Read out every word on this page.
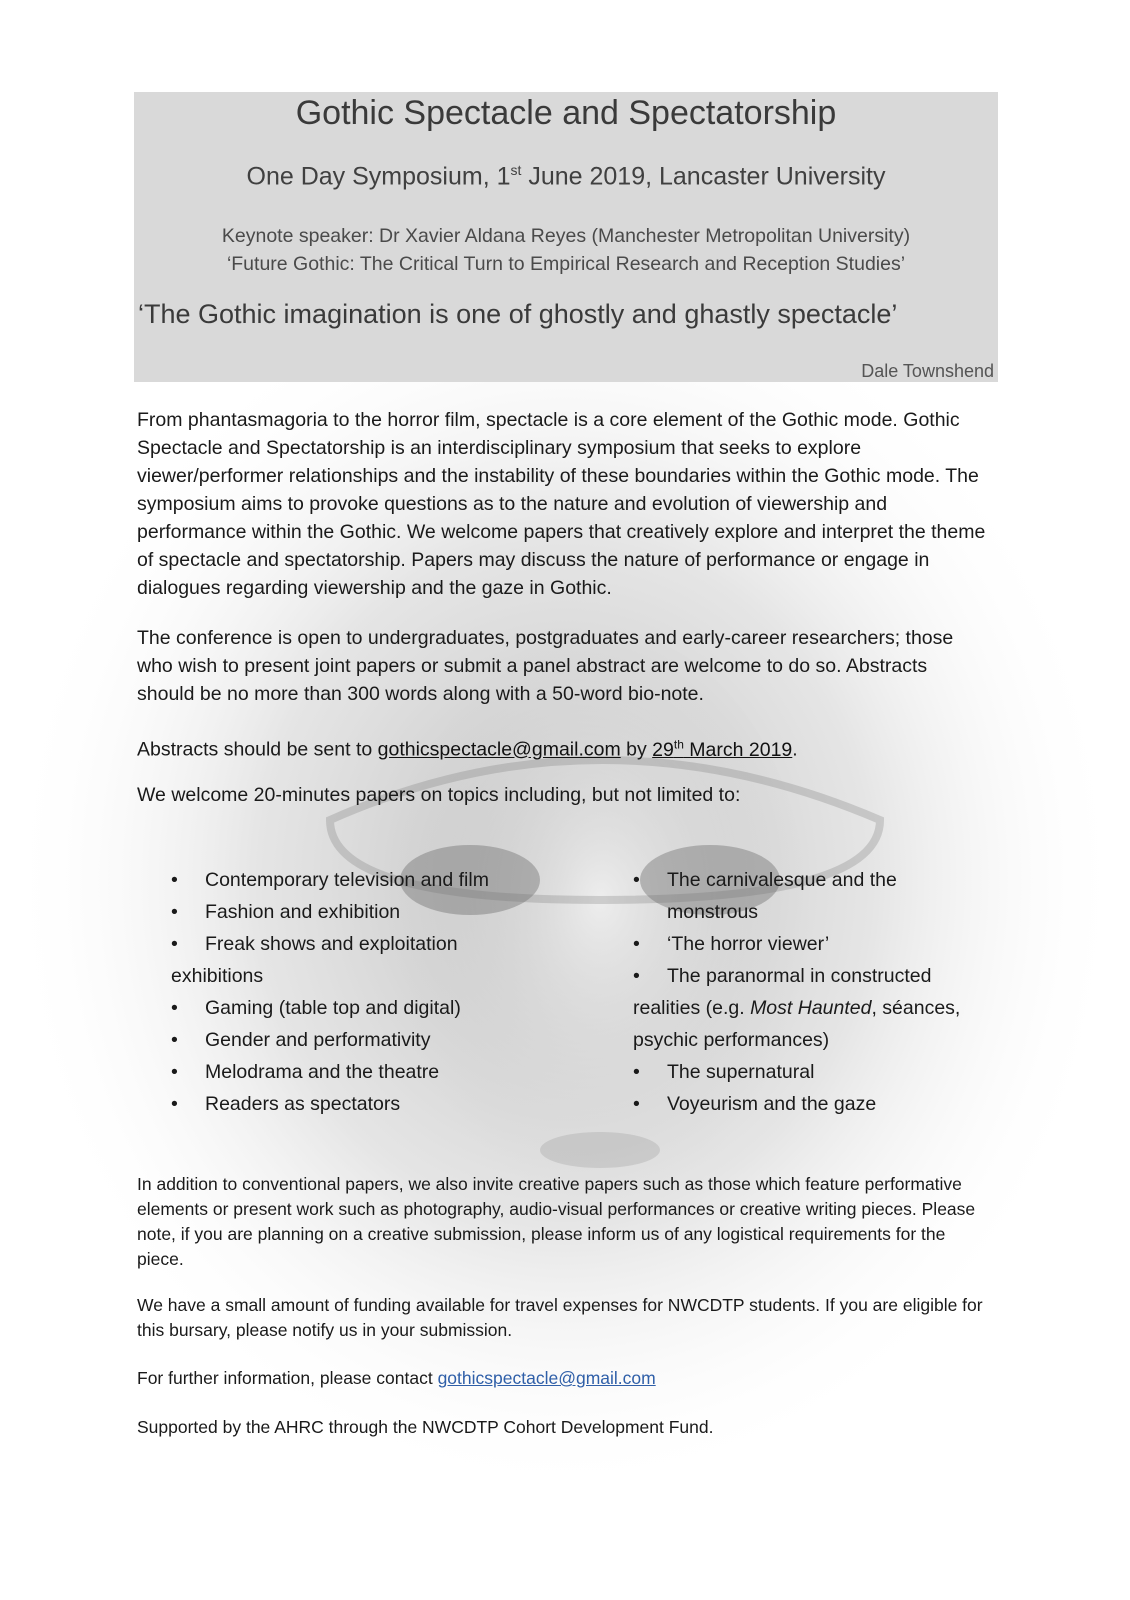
Gothic Spectacle and Spectatorship
One Day Symposium, 1st June 2019, Lancaster University
Keynote speaker: Dr Xavier Aldana Reyes (Manchester Metropolitan University)
‘Future Gothic: The Critical Turn to Empirical Research and Reception Studies’
‘The Gothic imagination is one of ghostly and ghastly spectacle’
Dale Townshend
From phantasmagoria to the horror film, spectacle is a core element of the Gothic mode. Gothic Spectacle and Spectatorship is an interdisciplinary symposium that seeks to explore viewer/performer relationships and the instability of these boundaries within the Gothic mode. The symposium aims to provoke questions as to the nature and evolution of viewership and performance within the Gothic. We welcome papers that creatively explore and interpret the theme of spectacle and spectatorship. Papers may discuss the nature of performance or engage in dialogues regarding viewership and the gaze in Gothic.
The conference is open to undergraduates, postgraduates and early-career researchers; those who wish to present joint papers or submit a panel abstract are welcome to do so. Abstracts should be no more than 300 words along with a 50-word bio-note.
Abstracts should be sent to gothicspectacle@gmail.com by 29th March 2019.
We welcome 20-minutes papers on topics including, but not limited to:
• Contemporary television and film
• Fashion and exhibition
• Freak shows and exploitation
exhibitions
• Gaming (table top and digital)
• Gender and performativity
• Melodrama and the theatre
• Readers as spectators
• The carnivalesque and the
monstrous
• ‘The horror viewer’
• The paranormal in constructed
realities (e.g. Most Haunted, séances,
psychic performances)
• The supernatural
• Voyeurism and the gaze
In addition to conventional papers, we also invite creative papers such as those which feature performative elements or present work such as photography, audio-visual performances or creative writing pieces. Please note, if you are planning on a creative submission, please inform us of any logistical requirements for the piece.
We have a small amount of funding available for travel expenses for NWCDTP students. If you are eligible for this bursary, please notify us in your submission.
For further information, please contact gothicspectacle@gmail.com
Supported by the AHRC through the NWCDTP Cohort Development Fund.
